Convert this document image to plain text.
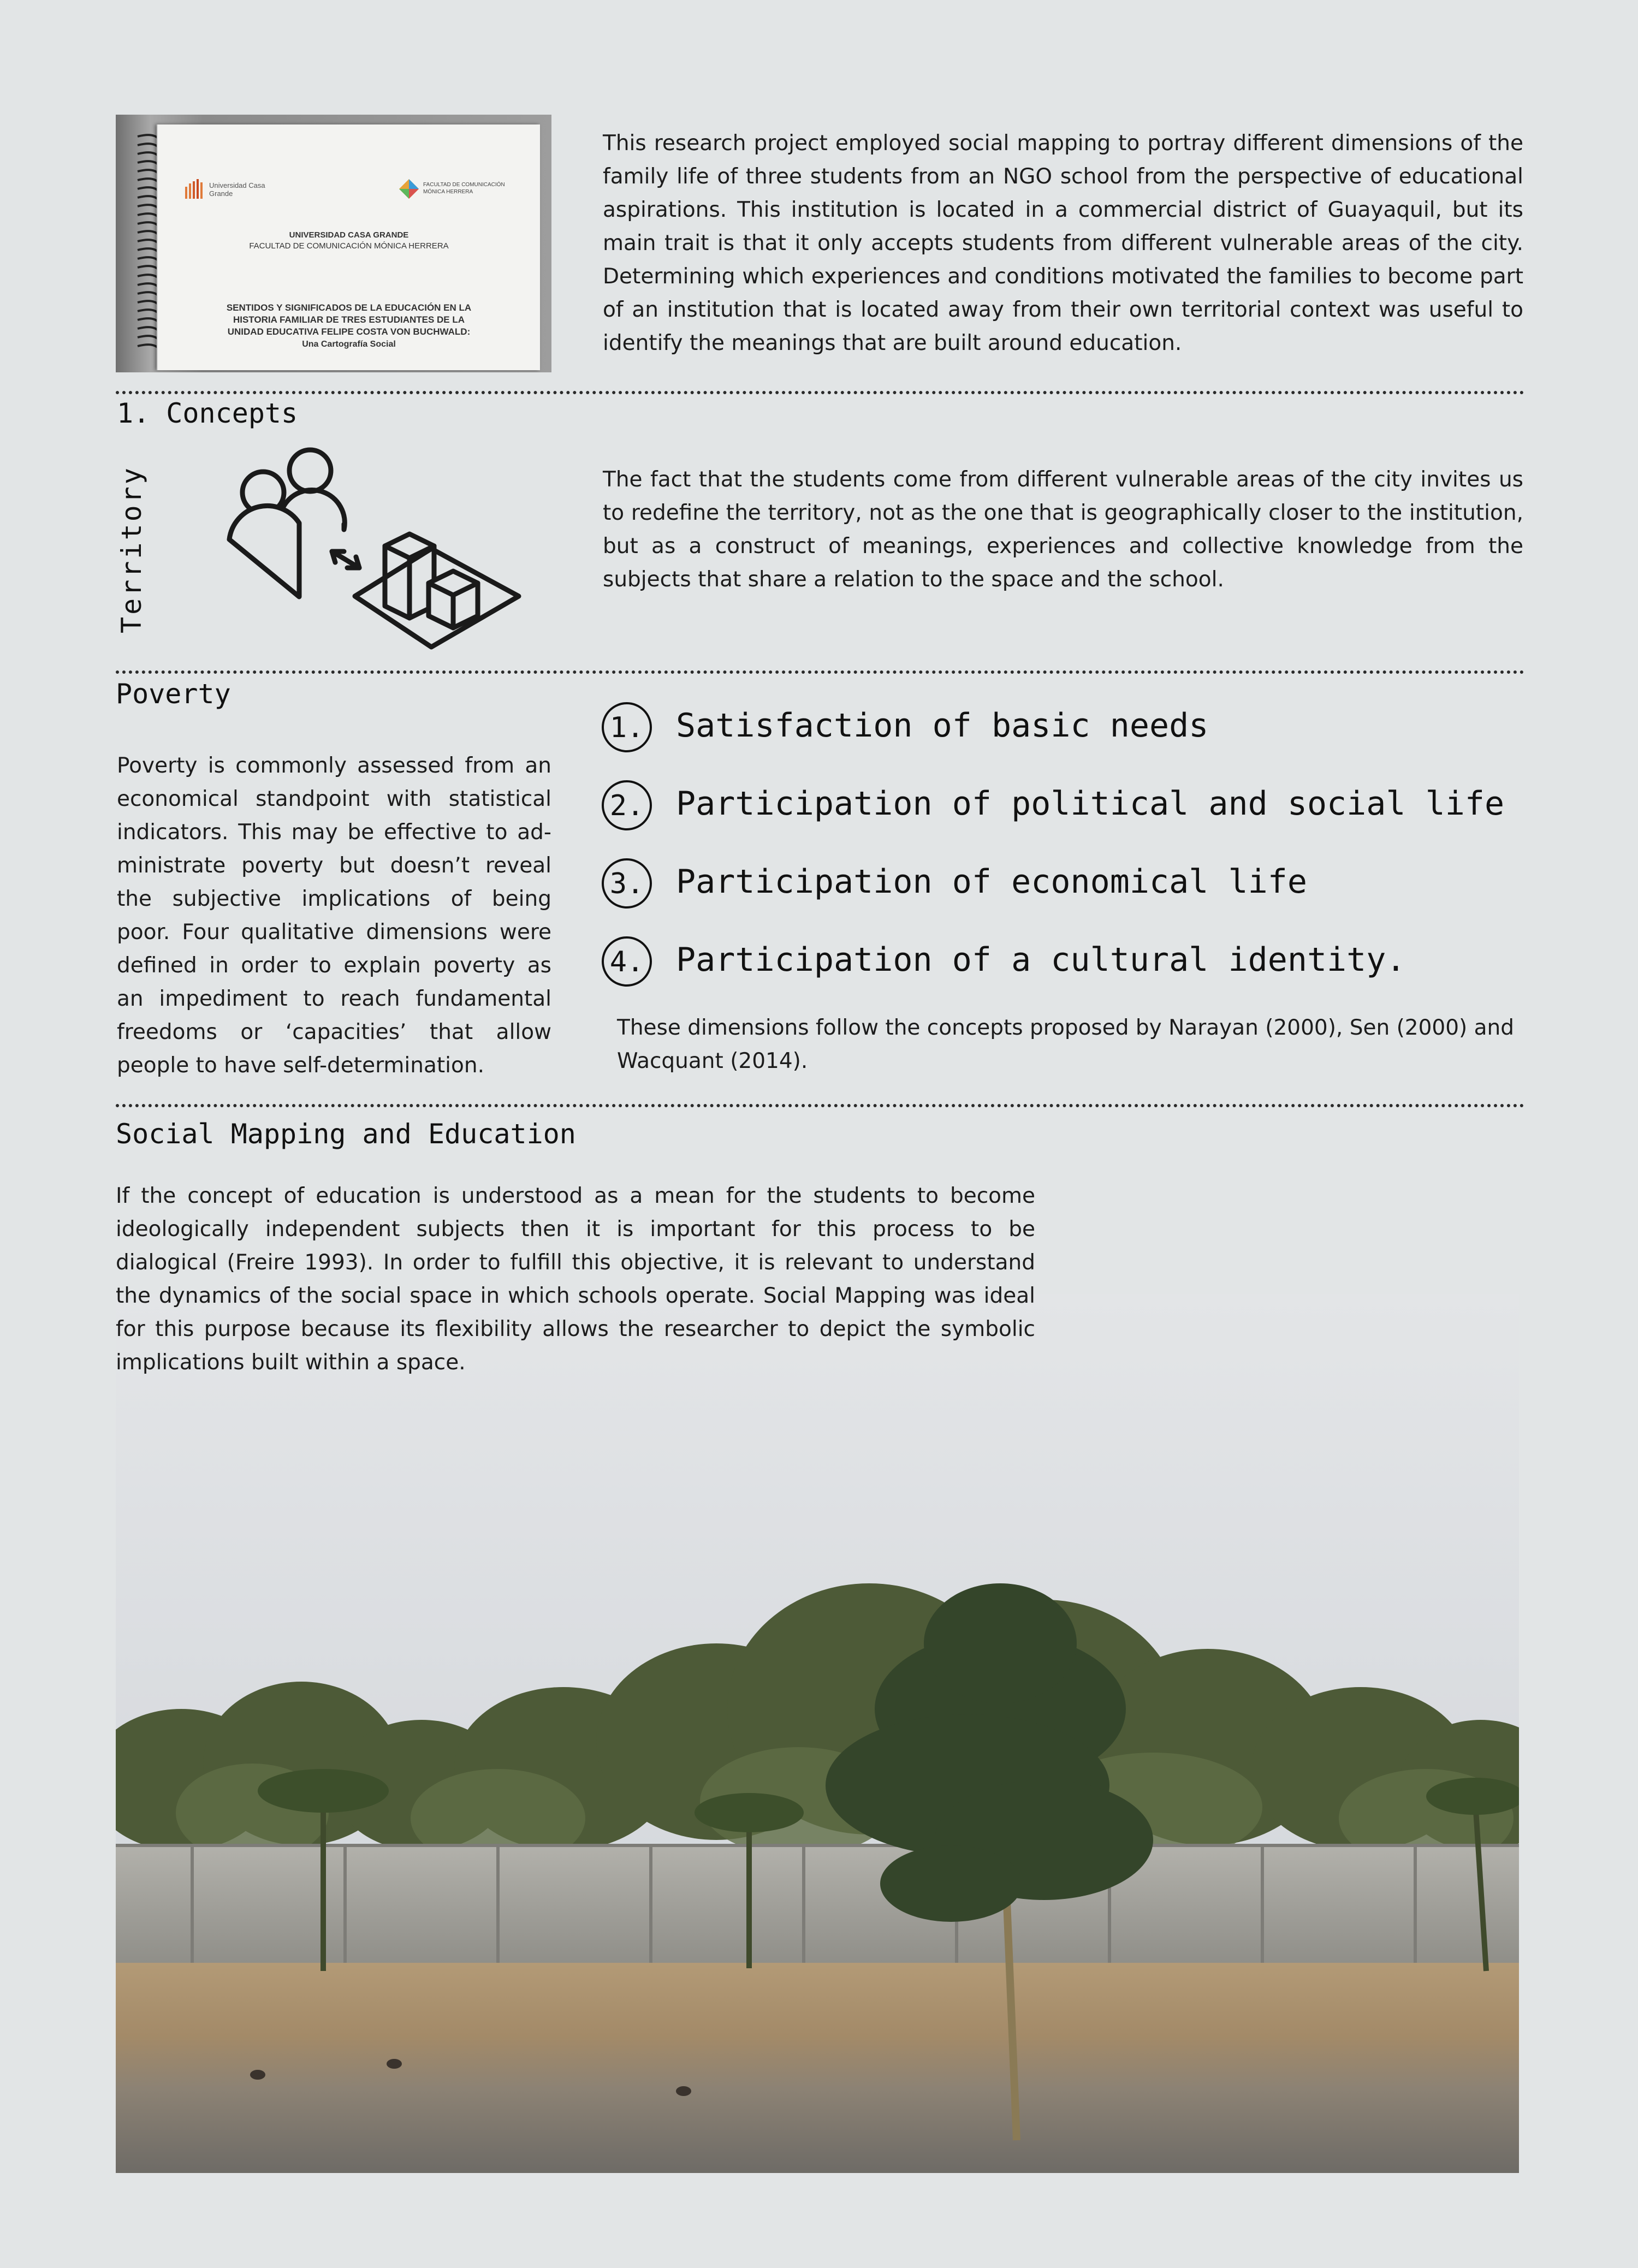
Universidad Casa Grande
FACULTAD DE COMUNICACIÓN MÓNICA HERRERA
UNIVERSIDAD CASA GRANDE
FACULTAD DE COMUNICACIÓN MÓNICA HERRERA
SENTIDOS Y SIGNIFICADOS DE LA EDUCACIÓN EN LA
HISTORIA FAMILIAR DE TRES ESTUDIANTES DE LA
UNIDAD EDUCATIVA FELIPE COSTA VON BUCHWALD:
Una Cartografía Social
This research project employed social mapping to portray different dimensions of the family life of three students from an NGO school from the perspective of educational aspirations. This institution is located in a commercial district of Guayaquil, but its main trait is that it only accepts students from different vulnerable areas of the city. Determining which experiences and conditions motivated the families to become part of an institution that is located away from their own territorial context was useful to identify the meanings that are built around education.
1. Concepts
Territory	The fact that the students come from different vulnerable areas of the city invites us to redefine the territory, not as the one that is geographically closer to the institution, but as a construct of meanings, experiences and collective knowledge from the subjects that share a relation to the space and the school.
Poverty
Poverty is commonly assessed from an economical standpoint with statistical indicators. This may be effective to administrate poverty but doesn’t reveal the subjective implications of being poor. Four qualitative dimensions were defined in order to explain poverty as an impediment to reach fundamental freedoms or ‘capacities’ that allow people to have self-determination.
1. Satisfaction of basic needs
2. Participation of political and social life
3. Participation of economical life
4. Participation of a cultural identity.
These dimensions follow the concepts proposed by Narayan (2000), Sen (2000) and Wacquant (2014).
Social Mapping and Education
If the concept of education is understood as a mean for the students to become ideologically independent subjects then it is important for this process to be dialogical (Freire 1993). In order to fulfill this objective, it is relevant to understand the dynamics of the social space in which schools operate. Social Mapping was ideal for this purpose because its flexibility allows the researcher to depict the symbolic implications built within a space.
